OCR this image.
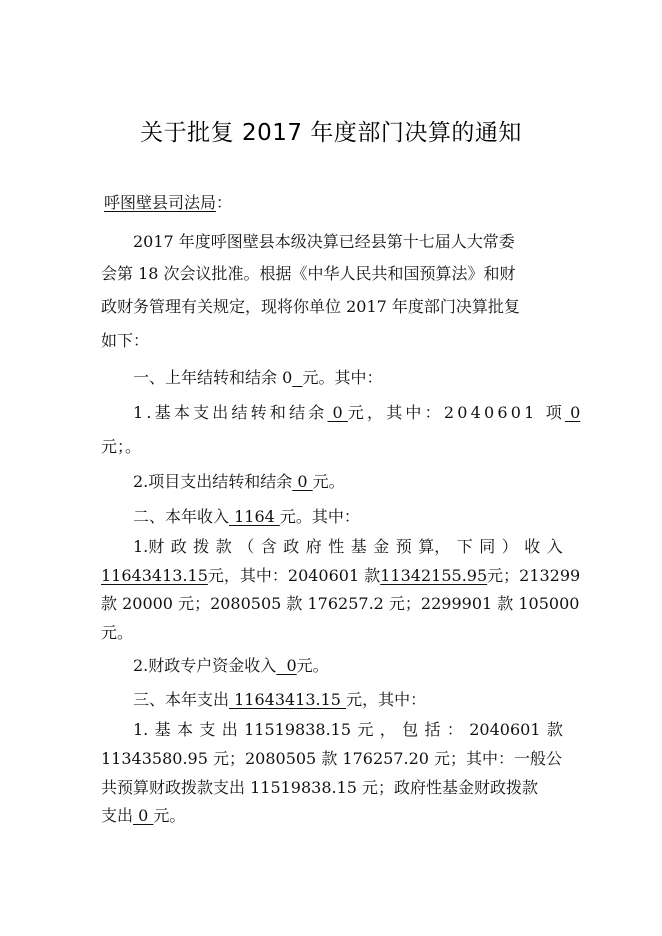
关于批复 2017 年度部门决算的通知
呼图壁县司法局：
2017 年度呼图壁县本级决算已经县第十七届人大常委
会第 18 次会议批准。根据《中华人民共和国预算法》和财
政财务管理有关规定，现将你单位 2017 年度部门决算批复
如下：
一、上年结转和结余 0 元。其中：
1.基本支出结转和结余 0 元，其中：2040601 项 0
元；。
2.项目支出结转和结余 0 元。
二、本年收入 1164 元。其中：
1.财 政 拨 款 （ 含 政 府 性 基 金 预 算， 下 同 ） 收 入
11643413.15元，其中：2040601 款11342155.95元；213299
款 20000 元；2080505 款 176257.2 元；2299901 款 105000
元。
2.财政专户资金收入  0元。
三、本年支出 11643413.15 元，其中：
1. 基 本 支 出 11519838.15 元 ， 包 括 ： 2040601 款
11343580.95 元；2080505 款 176257.20 元；其中：一般公
共预算财政拨款支出 11519838.15 元；政府性基金财政拨款
支出 0 元。
